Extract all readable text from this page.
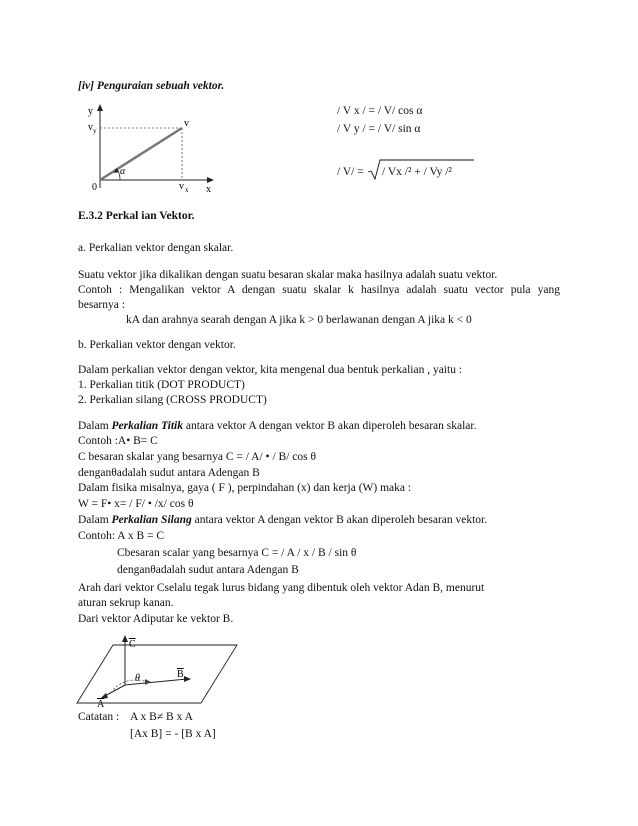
[iv] Penguraian sebuah vektor.
y
v y
v
α
0	v x x
/ V x / = / V/ cos α
/ V y / = / V/ sin α
/ V/ = / Vx /² + / Vy /²
E.3.2 Perkal ian Vektor.
a. Perkalian vektor dengan skalar.
Suatu vektor jika dikalikan dengan suatu besaran skalar maka hasilnya adalah suatu vektor.
Contoh : Mengalikan vektor A dengan suatu skalar k hasilnya adalah suatu vector pula yang
besarnya :
kA dan arahnya searah dengan A jika k > 0 berlawanan dengan A jika k < 0
b. Perkalian vektor dengan vektor.
Dalam perkalian vektor dengan vektor, kita mengenal dua bentuk perkalian , yaitu :
1. Perkalian titik (DOT PRODUCT)
2. Perkalian silang (CROSS PRODUCT)
Dalam Perkalian Titik antara vektor A dengan vektor B akan diperoleh besaran skalar.
Contoh :A• B= C
C besaran skalar yang besarnya C = / A/ • / B/ cos θ
denganθadalah sudut antara Adengan B
Dalam fisika misalnya, gaya ( F ), perpindahan (x) dan kerja (W) maka :
W = F• x= / F/ • /x/ cos θ
Dalam Perkalian Silang antara vektor A dengan vektor B akan diperoleh besaran vektor.
Contoh: A x B = C
Cbesaran scalar yang besarnya C = / A / x / B / sin θ
denganθadalah sudut antara Adengan B
Arah dari vektor Cselalu tegak lurus bidang yang dibentuk oleh vektor Adan B, menurut
aturan sekrup kanan.
Dari vektor Adiputar ke vektor B.
C
B
A
θ
Catatan : A x B≠ B x A
[Ax B] = - [B x A]
